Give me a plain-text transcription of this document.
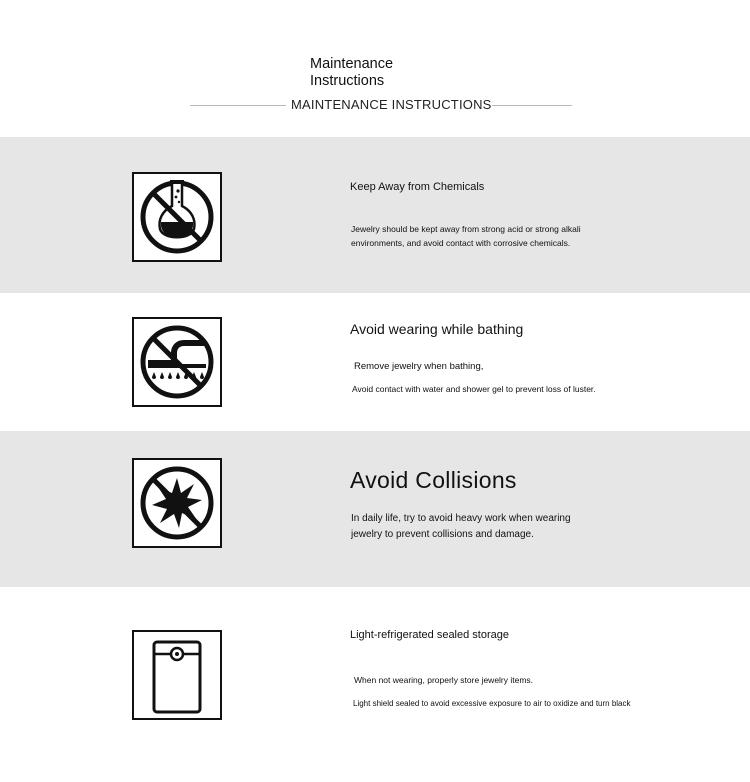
Maintenance Instructions
MAINTENANCE INSTRUCTIONS
Keep Away from Chemicals
Jewelry should be kept away from strong acid or strong alkali environments, and avoid contact with corrosive chemicals.
Avoid wearing while bathing
Remove jewelry when bathing,
Avoid contact with water and shower gel to prevent loss of luster.
Avoid Collisions
In daily life, try to avoid heavy work when wearing jewelry to prevent collisions and damage.
Light-refrigerated sealed storage
When not wearing, properly store jewelry items.
Light shield sealed to avoid excessive exposure to air to oxidize and turn black
